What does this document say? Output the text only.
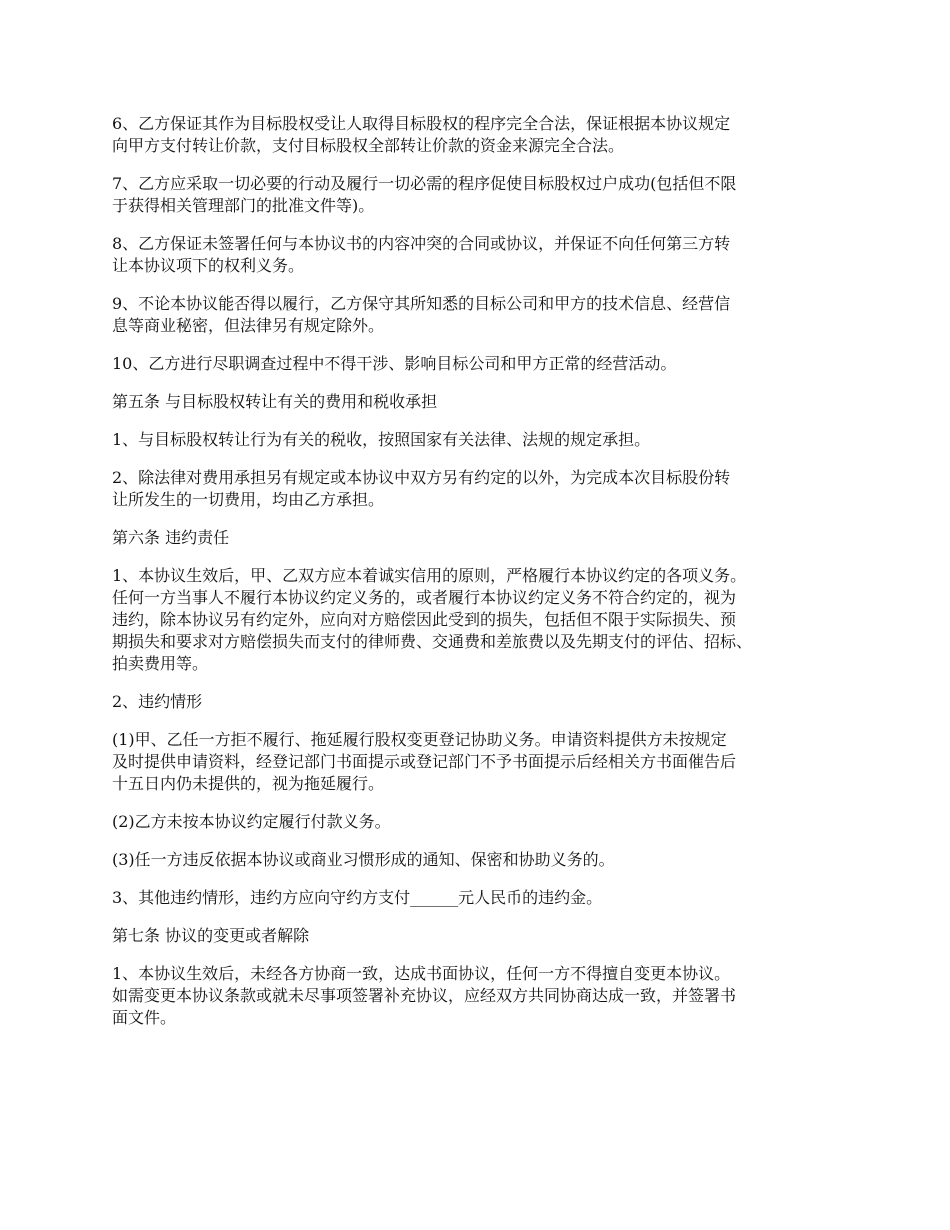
6、乙方保证其作为目标股权受让人取得目标股权的程序完全合法，保证根据本协议规定
向甲方支付转让价款，支付目标股权全部转让价款的资金来源完全合法。

7、乙方应采取一切必要的行动及履行一切必需的程序促使目标股权过户成功(包括但不限
于获得相关管理部门的批准文件等)。

8、乙方保证未签署任何与本协议书的内容冲突的合同或协议，并保证不向任何第三方转
让本协议项下的权利义务。

9、不论本协议能否得以履行，乙方保守其所知悉的目标公司和甲方的技术信息、经营信
息等商业秘密，但法律另有规定除外。

10、乙方进行尽职调查过程中不得干涉、影响目标公司和甲方正常的经营活动。

第五条 与目标股权转让有关的费用和税收承担

1、与目标股权转让行为有关的税收，按照国家有关法律、法规的规定承担。

2、除法律对费用承担另有规定或本协议中双方另有约定的以外，为完成本次目标股份转
让所发生的一切费用，均由乙方承担。

第六条 违约责任

1、本协议生效后，甲、乙双方应本着诚实信用的原则，严格履行本协议约定的各项义务。
任何一方当事人不履行本协议约定义务的，或者履行本协议约定义务不符合约定的，视为
违约，除本协议另有约定外，应向对方赔偿因此受到的损失，包括但不限于实际损失、预
期损失和要求对方赔偿损失而支付的律师费、交通费和差旅费以及先期支付的评估、招标、
拍卖费用等。

2、违约情形

(1)甲、乙任一方拒不履行、拖延履行股权变更登记协助义务。申请资料提供方未按规定
及时提供申请资料，经登记部门书面提示或登记部门不予书面提示后经相关方书面催告后
十五日内仍未提供的，视为拖延履行。

(2)乙方未按本协议约定履行付款义务。

(3)任一方违反依据本协议或商业习惯形成的通知、保密和协助义务的。

3、其他违约情形，违约方应向守约方支付______元人民币的违约金。

第七条 协议的变更或者解除

1、本协议生效后，未经各方协商一致，达成书面协议，任何一方不得擅自变更本协议。
如需变更本协议条款或就未尽事项签署补充协议，应经双方共同协商达成一致，并签署书
面文件。
